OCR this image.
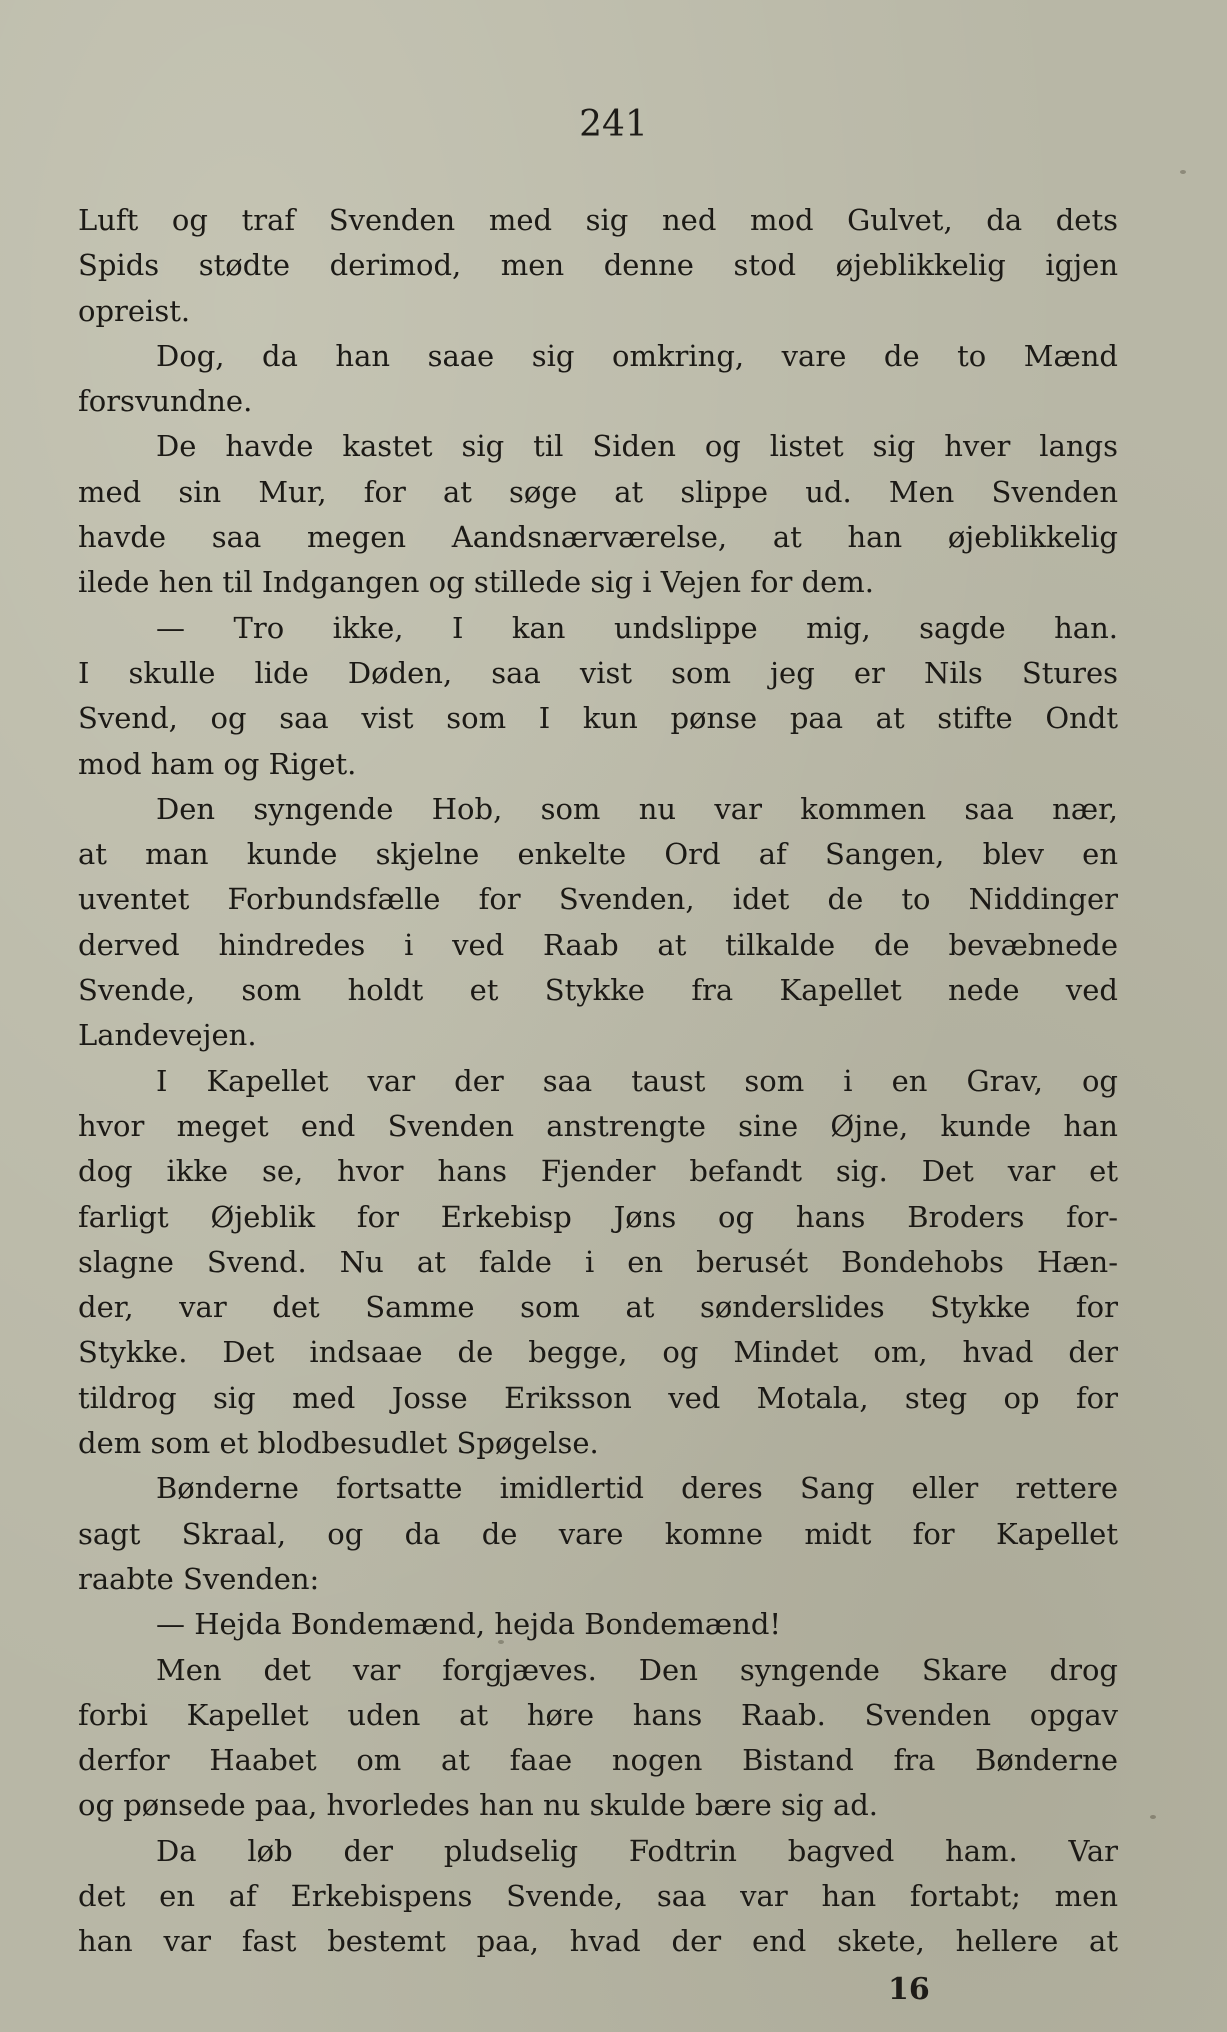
241
Luft og traf Svenden med sig ned mod Gulvet, da dets
Spids stødte derimod, men denne stod øjeblikkelig igjen
opreist.
Dog, da han saae sig omkring, vare de to Mænd
forsvundne.
De havde kastet sig til Siden og listet sig hver langs
med sin Mur, for at søge at slippe ud. Men Svenden
havde saa megen Aandsnærværelse, at han øjeblikkelig
ilede hen til Indgangen og stillede sig i Vejen for dem.
— Tro ikke, I kan undslippe mig, sagde han.
I skulle lide Døden, saa vist som jeg er Nils Stures
Svend, og saa vist som I kun pønse paa at stifte Ondt
mod ham og Riget.
Den syngende Hob, som nu var kommen saa nær,
at man kunde skjelne enkelte Ord af Sangen, blev en
uventet Forbundsfælle for Svenden, idet de to Niddinger
derved hindredes i ved Raab at tilkalde de bevæbnede
Svende, som holdt et Stykke fra Kapellet nede ved
Landevejen.
I Kapellet var der saa taust som i en Grav, og
hvor meget end Svenden anstrengte sine Øjne, kunde han
dog ikke se, hvor hans Fjender befandt sig. Det var et
farligt Øjeblik for Erkebisp Jøns og hans Broders for-
slagne Svend. Nu at falde i en berusét Bondehobs Hæn-
der, var det Samme som at sønderslides Stykke for
Stykke. Det indsaae de begge, og Mindet om, hvad der
tildrog sig med Josse Eriksson ved Motala, steg op for
dem som et blodbesudlet Spøgelse.
Bønderne fortsatte imidlertid deres Sang eller rettere
sagt Skraal, og da de vare komne midt for Kapellet
raabte Svenden:
— Hejda Bondemænd, hejda Bondemænd!
Men det var forgjæves. Den syngende Skare drog
forbi Kapellet uden at høre hans Raab. Svenden opgav
derfor Haabet om at faae nogen Bistand fra Bønderne
og pønsede paa, hvorledes han nu skulde bære sig ad.
Da løb der pludselig Fodtrin bagved ham. Var
det en af Erkebispens Svende, saa var han fortabt; men
han var fast bestemt paa, hvad der end skete, hellere at
16
